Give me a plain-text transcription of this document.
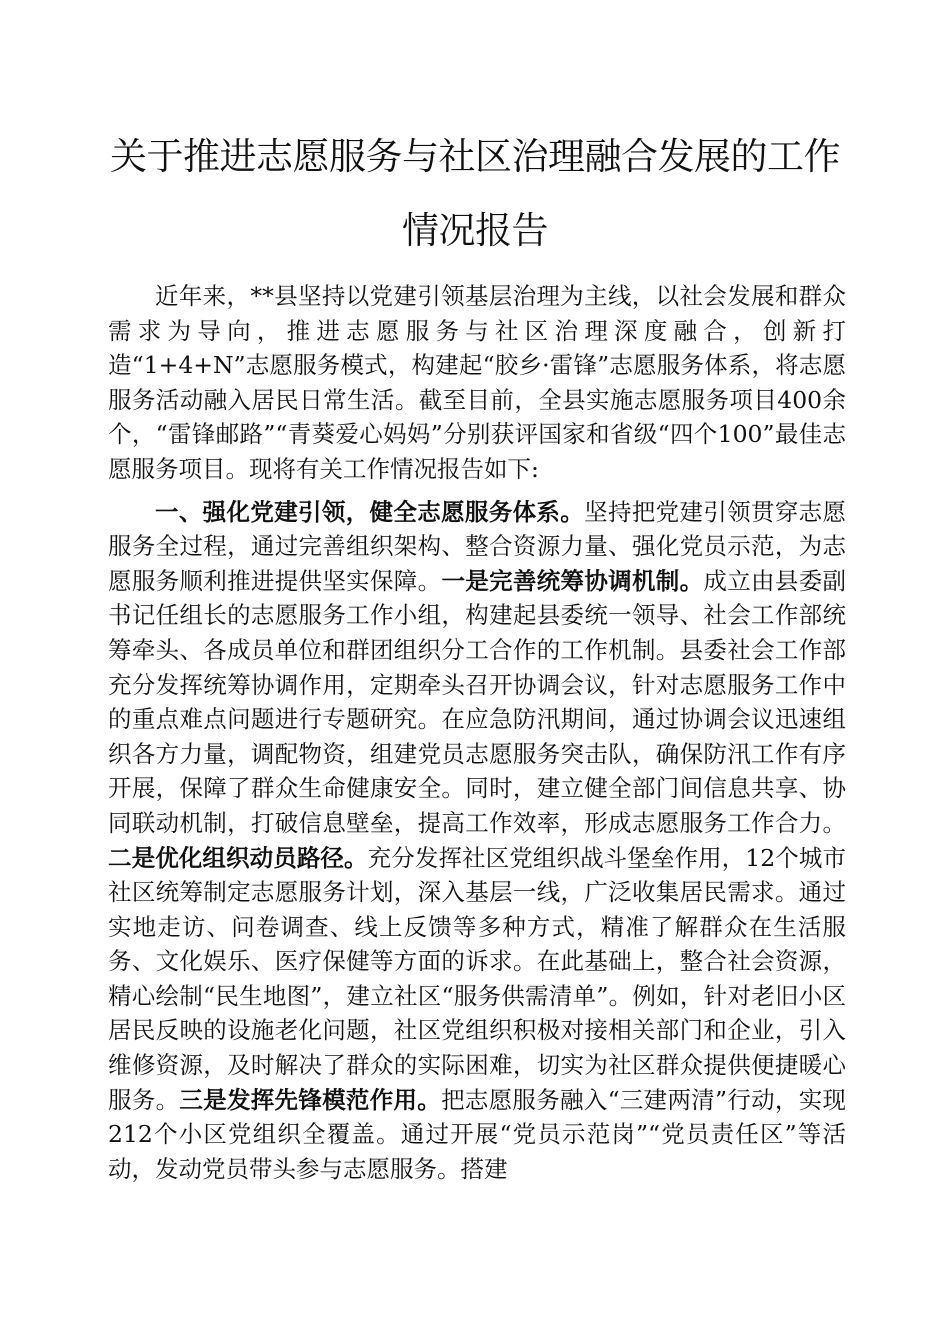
关于推进志愿服务与社区治理融合发展的工作情况报告

近年来，**县坚持以党建引领基层治理为主线，以社会发展和群众需求为导向，推进志愿服务与社区治理深度融合，创新打造“1+4+N”志愿服务模式，构建起“胶乡·雷锋”志愿服务体系，将志愿服务活动融入居民日常生活。截至目前，全县实施志愿服务项目400余个，“雷锋邮路”“青葵爱心妈妈”分别获评国家和省级“四个100”最佳志愿服务项目。现将有关工作情况报告如下:

一、强化党建引领，健全志愿服务体系。坚持把党建引领贯穿志愿服务全过程，通过完善组织架构、整合资源力量、强化党员示范，为志愿服务顺利推进提供坚实保障。一是完善统筹协调机制。成立由县委副书记任组长的志愿服务工作小组，构建起县委统一领导、社会工作部统筹牵头、各成员单位和群团组织分工合作的工作机制。县委社会工作部充分发挥统筹协调作用，定期牵头召开协调会议，针对志愿服务工作中的重点难点问题进行专题研究。在应急防汛期间，通过协调会议迅速组织各方力量，调配物资，组建党员志愿服务突击队，确保防汛工作有序开展，保障了群众生命健康安全。同时，建立健全部门间信息共享、协同联动机制，打破信息壁垒，提高工作效率，形成志愿服务工作合力。二是优化组织动员路径。充分发挥社区党组织战斗堡垒作用，12个城市社区统筹制定志愿服务计划，深入基层一线，广泛收集居民需求。通过实地走访、问卷调查、线上反馈等多种方式，精准了解群众在生活服务、文化娱乐、医疗保健等方面的诉求。在此基础上，整合社会资源，精心绘制“民生地图”，建立社区“服务供需清单”。例如，针对老旧小区居民反映的设施老化问题，社区党组织积极对接相关部门和企业，引入维修资源，及时解决了群众的实际困难，切实为社区群众提供便捷暖心服务。三是发挥先锋模范作用。把志愿服务融入“三建两清”行动，实现212个小区党组织全覆盖。通过开展“党员示范岗”“党员责任区”等活动，发动党员带头参与志愿服务。搭建
